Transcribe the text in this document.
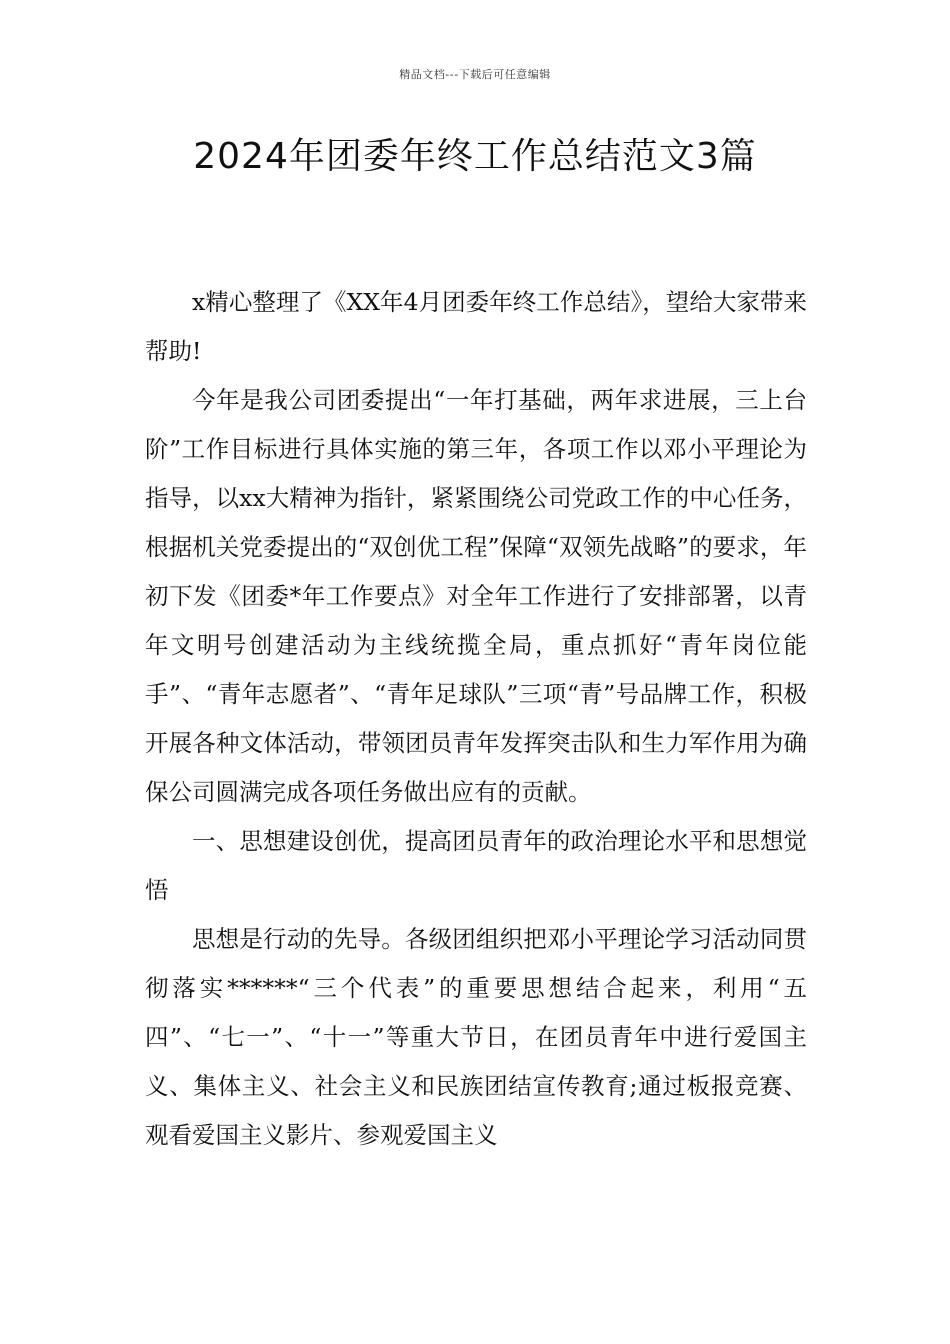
精品文档---下载后可任意编辑
2024年团委年终工作总结范文3篇

x精心整理了《XX年4月团委年终工作总结》，望给大家带来帮助!

今年是我公司团委提出“一年打基础，两年求进展，三上台阶”工作目标进行具体实施的第三年，各项工作以邓小平理论为指导，以xx大精神为指针，紧紧围绕公司党政工作的中心任务，根据机关党委提出的“双创优工程”保障“双领先战略”的要求，年初下发《团委*年工作要点》对全年工作进行了安排部署，以青年文明号创建活动为主线统揽全局，重点抓好“青年岗位能手”、“青年志愿者”、“青年足球队”三项“青”号品牌工作，积极开展各种文体活动，带领团员青年发挥突击队和生力军作用为确保公司圆满完成各项任务做出应有的贡献。

一、思想建设创优，提高团员青年的政治理论水平和思想觉悟

思想是行动的先导。各级团组织把邓小平理论学习活动同贯彻落实******“三个代表”的重要思想结合起来，利用“五四”、“七一”、“十一”等重大节日，在团员青年中进行爱国主义、集体主义、社会主义和民族团结宣传教育;通过板报竞赛、观看爱国主义影片、参观爱国主义
